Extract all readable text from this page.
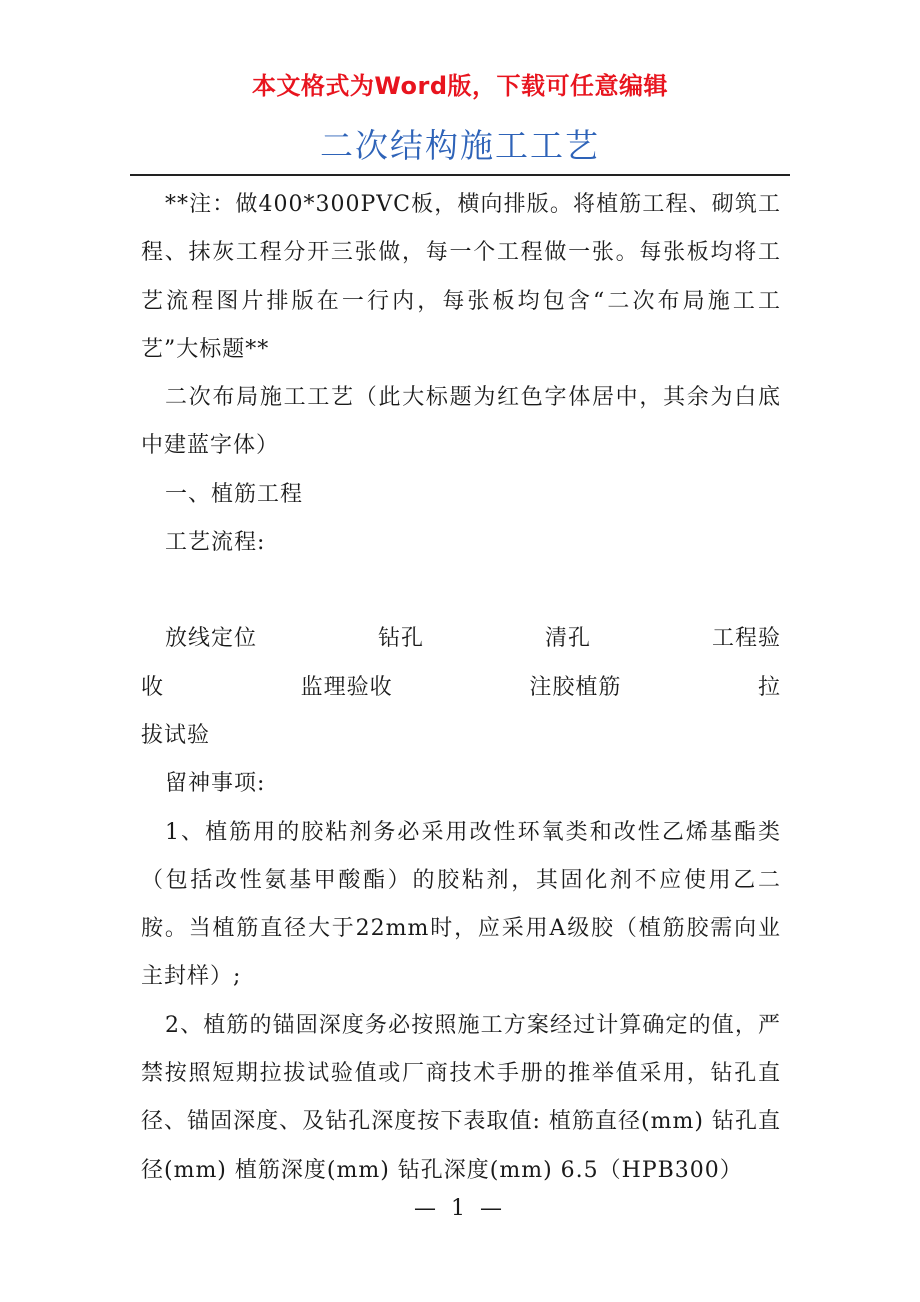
本文格式为Word版，下载可任意编辑
二次结构施工工艺

**注：做400*300PVC板，横向排版。将植筋工程、砌筑工程、抹灰工程分开三张做，每一个工程做一张。每张板均将工艺流程图片排版在一行内，每张板均包含“二次布局施工工艺”大标题**

二次布局施工工艺（此大标题为红色字体居中，其余为白底中建蓝字体）

一、植筋工程

工艺流程:

放线定位	钻孔	清孔	工程验
收	监理验收	注胶植筋	拉
拔试验

留神事项:

1、植筋用的胶粘剂务必采用改性环氧类和改性乙烯基酯类（包括改性氨基甲酸酯）的胶粘剂，其固化剂不应使用乙二胺。当植筋直径大于22mm时，应采用A级胶（植筋胶需向业主封样）;

2、植筋的锚固深度务必按照施工方案经过计算确定的值，严禁按照短期拉拔试验值或厂商技术手册的推举值采用，钻孔直径、锚固深度、及钻孔深度按下表取值: 植筋直径(mm) 钻孔直径(mm) 植筋深度(mm) 钻孔深度(mm) 6.5（HPB300）

— 1 —
